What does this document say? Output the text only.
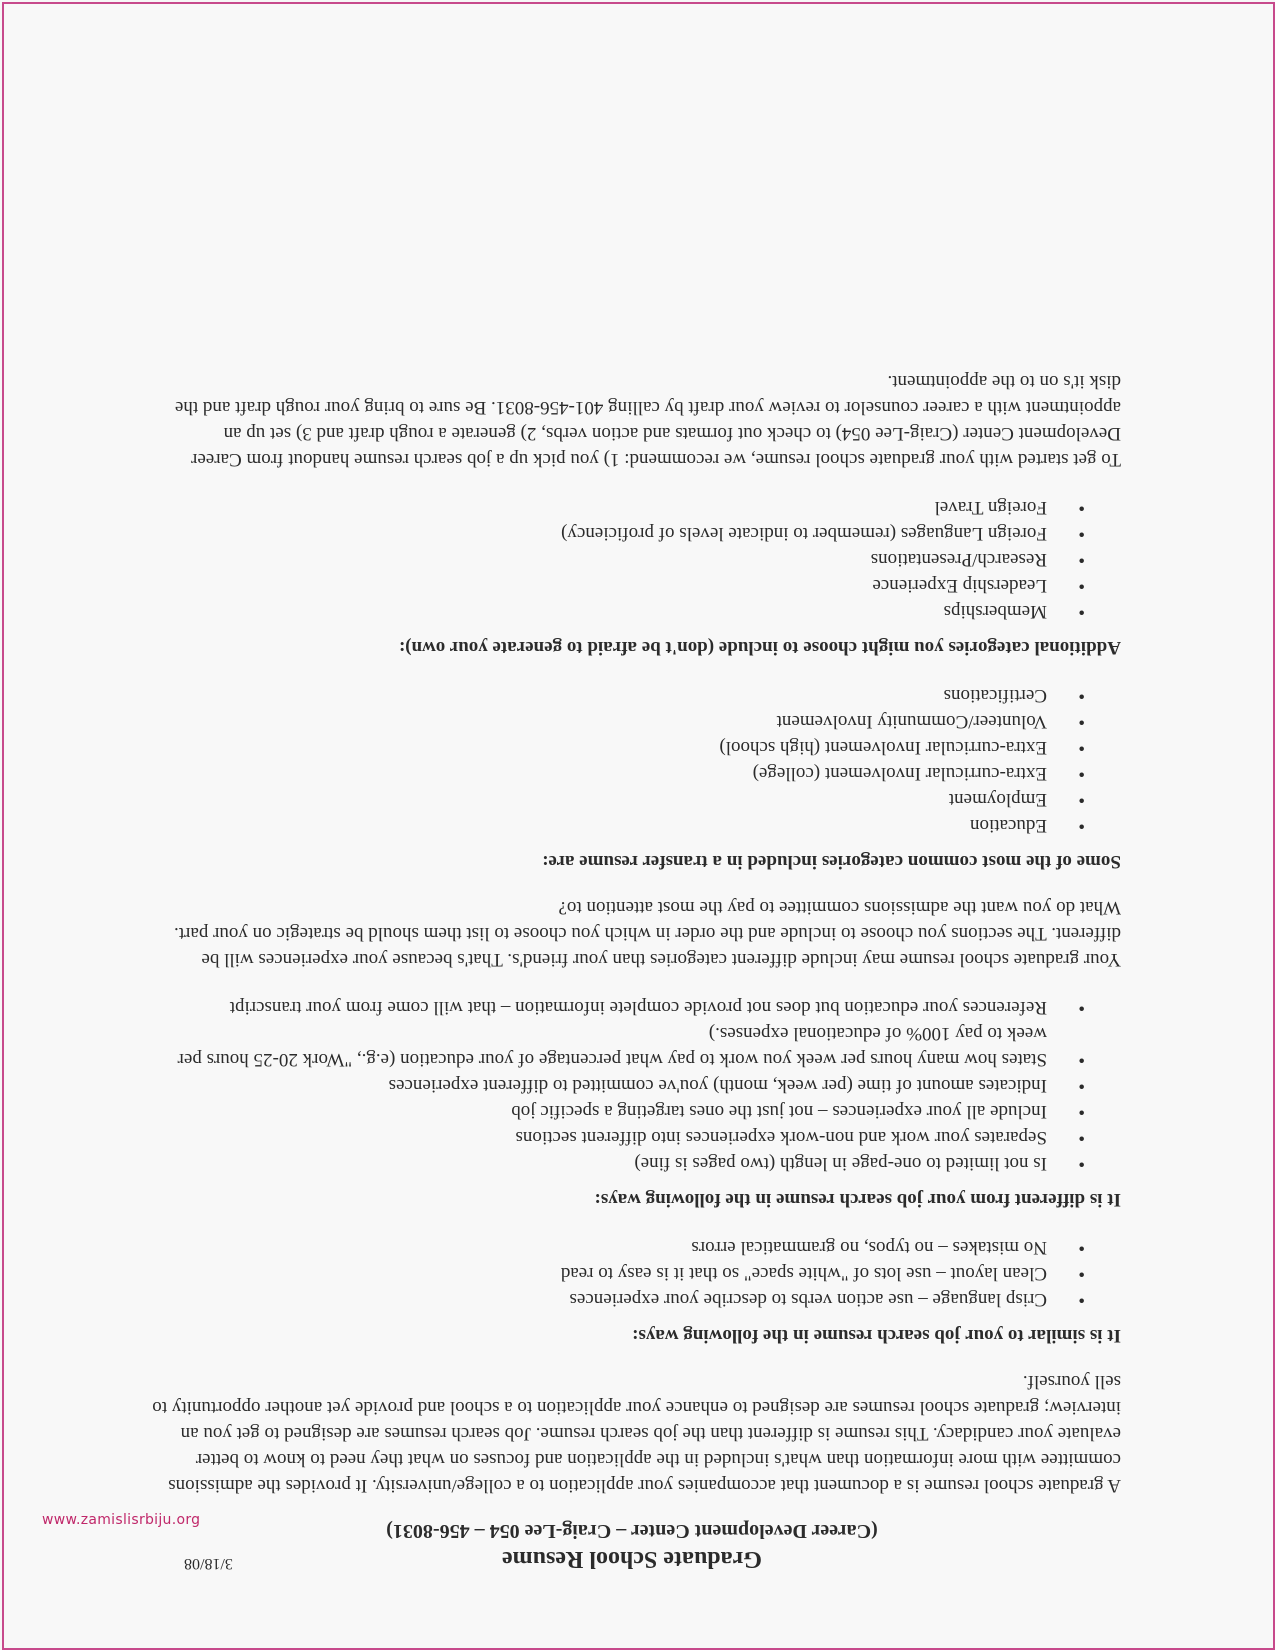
Graduate School Resume

(Career Development Center – Craig-Lee 054 – 456-8031)

A graduate school resume is a document that accompanies your application to a college/university. It provides the admissions committee with more information than what's included in the application and focuses on what they need to know to better evaluate your candidacy. This resume is different than the job search resume. Job search resumes are designed to get you an interview; graduate school resumes are designed to enhance your application to a school and provide yet another opportunity to sell yourself.

It is similar to your job search resume in the following ways:

•
Crisp language – use action verbs to describe your experiences
•
Clean layout – use lots of "white space" so that it is easy to read
•
No mistakes – no typos, no grammatical errors

It is different from your job search resume in the following ways:

•
Is not limited to one-page in length (two pages is fine)
•
Separates your work and non-work experiences into different sections
•
Include all your experiences – not just the ones targeting a specific job
•
Indicates amount of time (per week, month) you've committed to different experiences
•
States how many hours per week you work to pay what percentage of your education (e.g., "Work 20-25 hours per week to pay 100% of educational expenses.)
•
References your education but does not provide complete information – that will come from your transcript

Your graduate school resume may include different categories than your friend's. That's because your experiences will be different. The sections you choose to include and the order in which you choose to list them should be strategic on your part. What do you want the admissions committee to pay the most attention to?

Some of the most common categories included in a transfer resume are:

•
Education
•
Employment
•
Extra-curricular Involvement (college)
•
Extra-curricular Involvement (high school)
•
Volunteer/Community Involvement
•
Certifications

Additional categories you might choose to include (don't be afraid to generate your own):

•
Memberships
•
Leadership Experience
•
Research/Presentations
•
Foreign Languages (remember to indicate levels of proficiency)
•
Foreign Travel

To get started with your graduate school resume, we recommend: 1) you pick up a job search resume handout from Career Development Center (Craig-Lee 054) to check out formats and action verbs, 2) generate a rough draft and 3) set up an appointment with a career counselor to review your draft by calling 401-456-8031. Be sure to bring your rough draft and the disk it's on to the appointment.

3/18/08
www.zamislisrbiju.org
